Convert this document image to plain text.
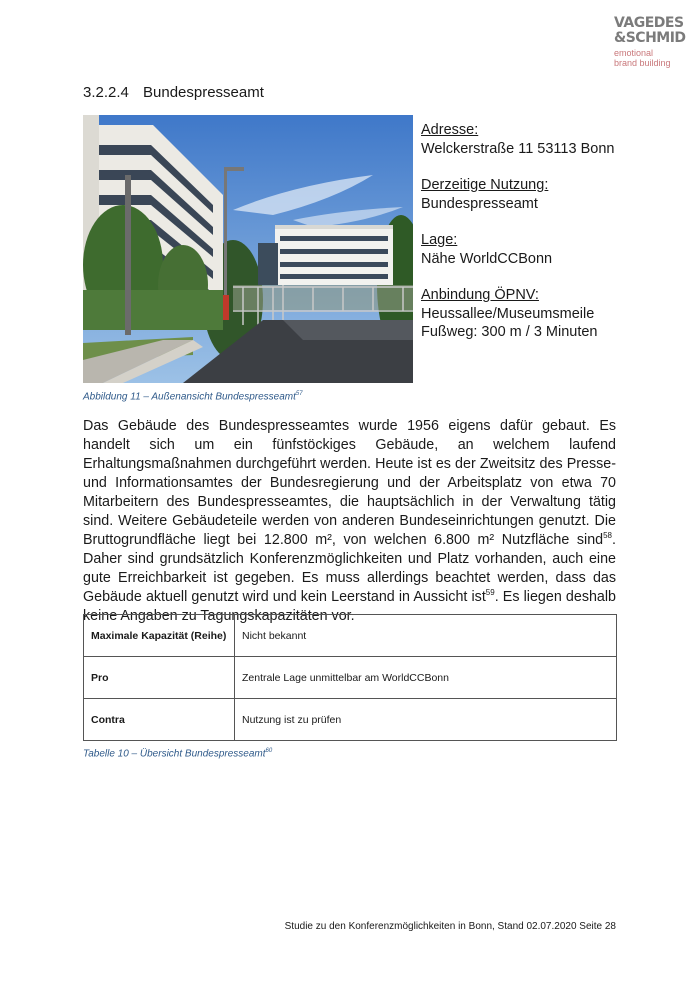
VAGEDES
&SCHMID
emotional
brand building
3.2.2.4 Bundespresseamt
Adresse:
Welckerstraße 11 53113 Bonn
Derzeitige Nutzung:
Bundespresseamt
Lage:
Nähe WorldCCBonn
Anbindung ÖPNV:
Heussallee/Museumsmeile
Fußweg: 300 m / 3 Minuten
Abbildung 11 – Außenansicht Bundespresseamt$^{57}$
Das Gebäude des Bundespresseamtes wurde 1956 eigens dafür gebaut. Es handelt sich um ein fünfstöckiges Gebäude, an welchem laufend Erhaltungsmaßnahmen durchgeführt werden. Heute ist es der Zweitsitz des Presse- und Informationsamtes der Bundesregierung und der Arbeitsplatz von etwa 70 Mitarbeitern des Bundespresseamtes, die hauptsächlich in der Verwaltung tätig sind. Weitere Gebäudeteile werden von anderen Bundeseinrichtungen genutzt. Die Bruttogrundfläche liegt bei 12.800 m², von welchen 6.800 m² Nutzfläche sind$^{58}$. Daher sind grundsätzlich Konferenzmöglichkeiten und Platz vorhanden, auch eine gute Erreichbarkeit ist gegeben. Es muss allerdings beachtet werden, dass das Gebäude aktuell genutzt wird und kein Leerstand in Aussicht ist$^{59}$. Es liegen deshalb keine Angaben zu Tagungskapazitäten vor.
Maximale Kapazität (Reihe)	Nicht bekannt
Pro	Zentrale Lage unmittelbar am WorldCCBonn
Contra	Nutzung ist zu prüfen
Tabelle 10 – Übersicht Bundespresseamt$^{60}$
Studie zu den Konferenzmöglichkeiten in Bonn, Stand 02.07.2020 Seite 28
